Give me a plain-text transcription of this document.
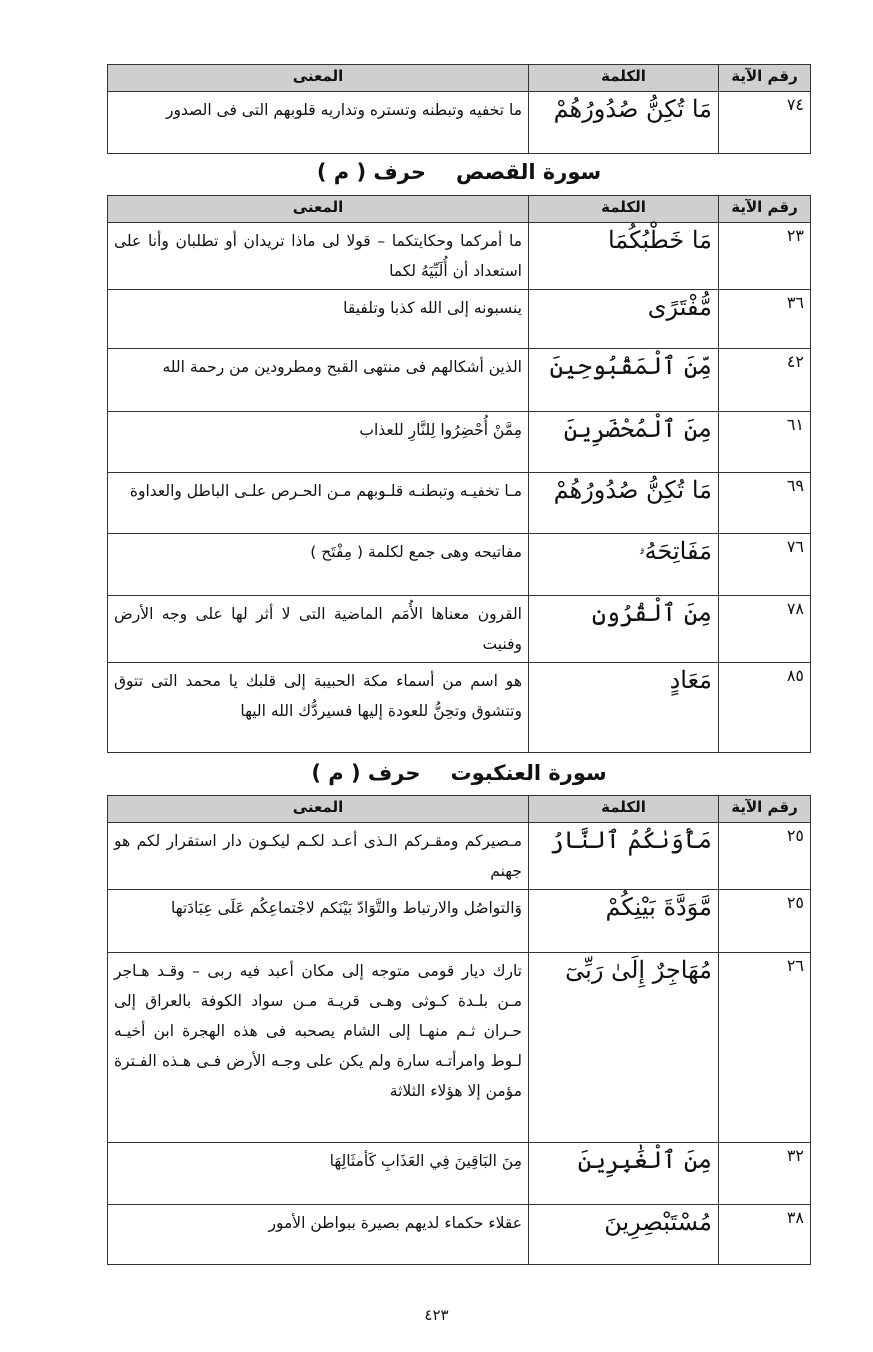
رقم الآية	الكلمة	المعنى
٧٤	مَا تُكِنُّ صُدُورُهُمْ	ما تخفيه وتبطنه وتستره وتداريه قلوبهم التى فى الصدور
سورة القصصحرف ( م )
رقم الآية	الكلمة	المعنى
٢٣	مَا خَطْبُكُمَا	ما أمركما وحكايتكما – قولا لى ماذا تريدان أو تطلبان وأنا على استعداد أن أُلَبِّيَهُ لكما
٣٦	مُّفْتَرًى	ينسبونه إلى الله كذبا وتلفيقا
٤٢	مِّنَ ٱلْمَقْبُوحِينَ	الذين أشكالهم فى منتهى القبح ومطرودين من رحمة الله
٦١	مِنَ ٱلْمُحْضَرِينَ	مِمَّنْ أُحْضِرُوا لِلنَّارِ للعذاب
٦٩	مَا تُكِنُّ صُدُورُهُمْ	مـا تخفيـه وتبطنـه قلـوبهم مـن الحـرص علـى الباطل والعداوة
٧٦	مَفَاتِحَهُۥ	مفاتيحه وهى جمع لكلمة ( مِفْتَح )
٧٨	مِنَ ٱلْقُرُونِ	القرون معناها الأُمَم الماضية التى لا أثر لها على وجه الأرض وفنيت
٨٥	مَعَادٍ	هو اسم من أسماء مكة الحبيبة إلى قلبك يا محمد التى تتوق وتتشوق وتحِنُّ للعودة إليها فسيردُّك الله اليها
سورة العنكبوتحرف ( م )
رقم الآية	الكلمة	المعنى
٢٥	مَأْوَىٰكُمُ ٱلنَّارُ	مـصيركم ومقـركم الـذى أعـد لكـم ليكـون دار استقرار لكم هو جهنم
٢٥	مَّوَدَّةَ بَيْنِكُمْ	وَالتواصُل والارتباط والتَّوَادّ بَيْنَكم لاجْتماعِكُم عَلَى عِبَادَتها
٢٦	مُهَاجِرٌ إِلَىٰ رَبِّىٓ	تارك ديار قومى متوجه إلى مكان أعبد فيه ربى – وقـد هـاجر مـن بلـدة كـوثى وهـى قريـة مـن سواد الكوفة بالعراق إلى حـران ثـم منهـا إلى الشام يصحبه فى هذه الهجرة ابن أخيـه لـوط وامرأتـه سارة ولم يكن على وجـه الأرض فـى هـذه الفـترة مؤمن إلا هؤلاء الثلاثة
٣٢	مِنَ ٱلْغَٰبِرِينَ	مِنَ البَاقِينَ فِي العَذَابِ كَأمثَالِهَا
٣٨	مُسْتَبْصِرِينَ	عقلاء حكماء لديهم بصيرة ببواطن الأمور
٤٢٣
